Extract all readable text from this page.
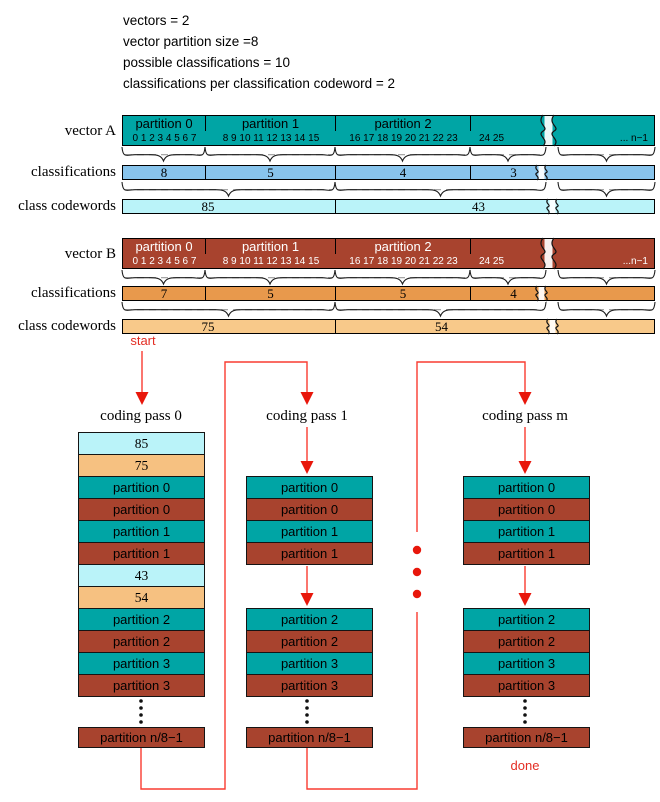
vectors = 2
vector partition size =8
possible classifications = 10
classifications per classification codeword = 2
vector A
classifications
class codewords
vector B
classifications
class codewords
start
done
coding pass 0	coding pass 1	coding pass m
partition 0	partition 1	partition 2
0 1 2 3 4 5 6 7	8 9 10 11 12 13 14 15	16 17 18 19 20 21 22 23	24 25	... n−1
8	5	4	3
85	43
partition 0	partition 1	partition 2
0 1 2 3 4 5 6 7	8 9 10 11 12 13 14 15	16 17 18 19 20 21 22 23	24 25	...n−1
7	5	5	4
75	54
85
75
partition 0
partition 0
partition 1
partition 1
43
54
partition 2
partition 2
partition 3
partition 3
partition n/8−1
partition 0
partition 0
partition 1
partition 1
partition 2
partition 2
partition 3
partition 3
partition n/8−1
partition 0
partition 0
partition 1
partition 1
partition 2
partition 2
partition 3
partition 3
partition n/8−1
